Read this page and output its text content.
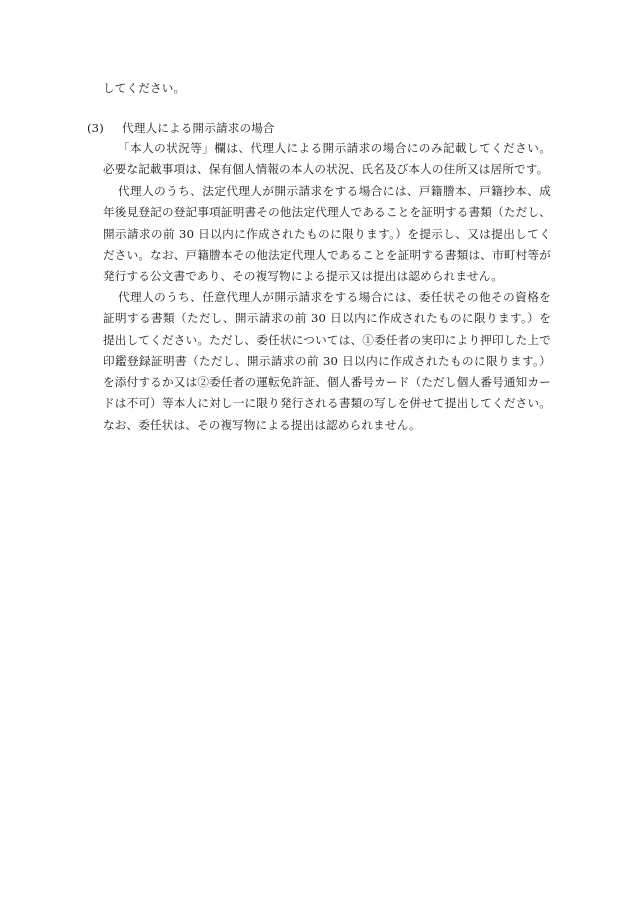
してください。
(3) 代理人による開示請求の場合

「本人の状況等」欄は、代理人による開示請求の場合にのみ記載してください。必要な記載事項は、保有個人情報の本人の状況、氏名及び本人の住所又は居所です。

代理人のうち、法定代理人が開示請求をする場合には、戸籍謄本、戸籍抄本、成年後見登記の登記事項証明書その他法定代理人であることを証明する書類（ただし、開示請求の前 30 日以内に作成されたものに限ります。）を提示し、又は提出してください。なお、戸籍謄本その他法定代理人であることを証明する書類は、市町村等が発行する公文書であり、その複写物による提示又は提出は認められません。

代理人のうち、任意代理人が開示請求をする場合には、委任状その他その資格を証明する書類（ただし、開示請求の前 30 日以内に作成されたものに限ります。）を提出してください。ただし、委任状については、①委任者の実印により押印した上で印鑑登録証明書（ただし、開示請求の前 30 日以内に作成されたものに限ります。）を添付するか又は②委任者の運転免許証、個人番号カード（ただし個人番号通知カードは不可）等本人に対し一に限り発行される書類の写しを併せて提出してください。なお、委任状は、その複写物による提出は認められません。
